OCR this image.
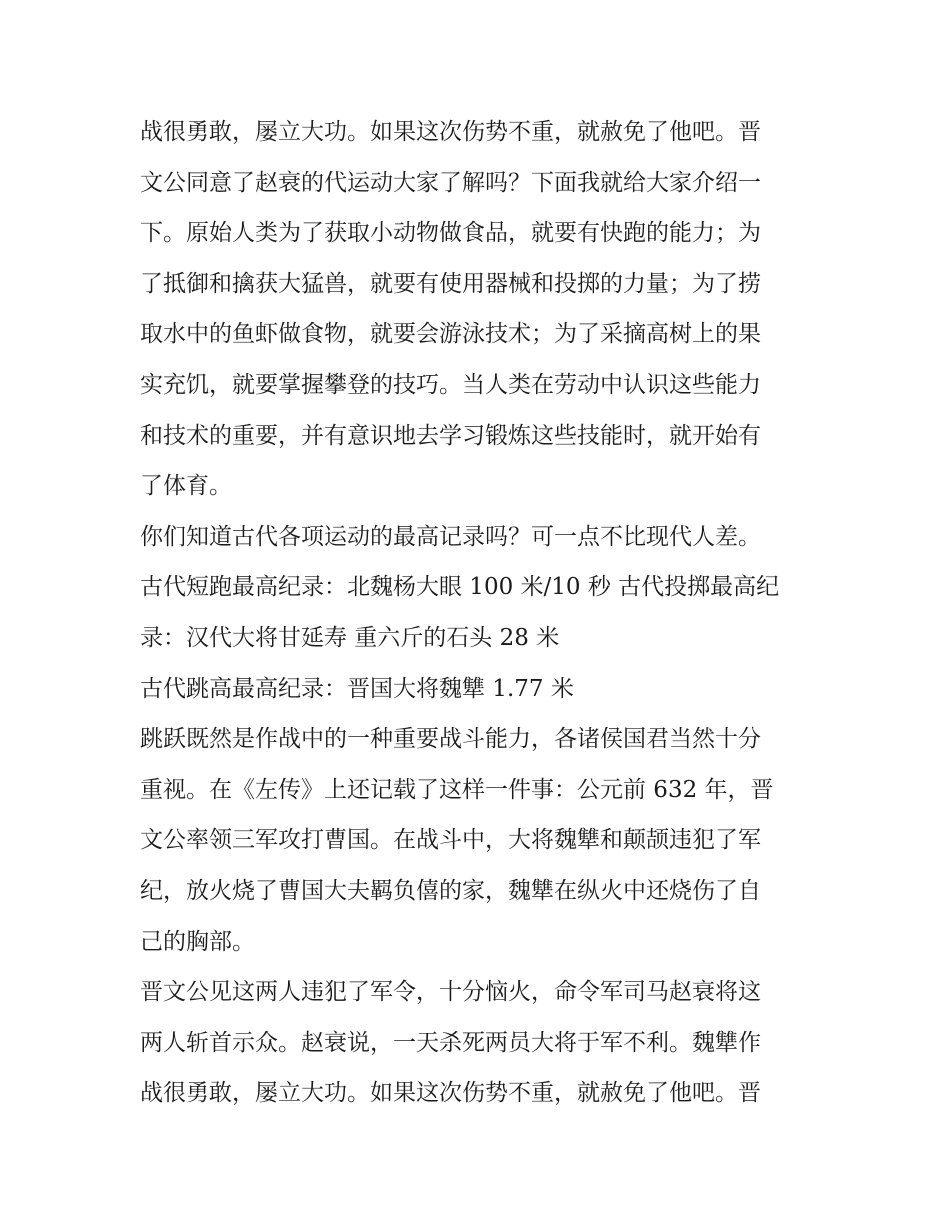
战很勇敢，屡立大功。如果这次伤势不重，就赦免了他吧。晋
文公同意了赵衰的代运动大家了解吗？下面我就给大家介绍一
下。原始人类为了获取小动物做食品，就要有快跑的能力；为
了抵御和擒获大猛兽，就要有使用器械和投掷的力量；为了捞
取水中的鱼虾做食物，就要会游泳技术；为了采摘高树上的果
实充饥，就要掌握攀登的技巧。当人类在劳动中认识这些能力
和技术的重要，并有意识地去学习锻炼这些技能时，就开始有
了体育。
你们知道古代各项运动的最高记录吗？可一点不比现代人差。
古代短跑最高纪录：北魏杨大眼 100 米/10 秒 古代投掷最高纪
录：汉代大将甘延寿 重六斤的石头 28 米
古代跳高最高纪录：晋国大将魏犨 1.77 米
跳跃既然是作战中的一种重要战斗能力，各诸侯国君当然十分
重视。在《左传》上还记载了这样一件事：公元前 632 年，晋
文公率领三军攻打曹国。在战斗中，大将魏犨和颠颉违犯了军
纪，放火烧了曹国大夫羁负僖的家，魏犨在纵火中还烧伤了自
己的胸部。
晋文公见这两人违犯了军令，十分恼火，命令军司马赵衰将这
两人斩首示众。赵衰说，一天杀死两员大将于军不利。魏犨作
战很勇敢，屡立大功。如果这次伤势不重，就赦免了他吧。晋
